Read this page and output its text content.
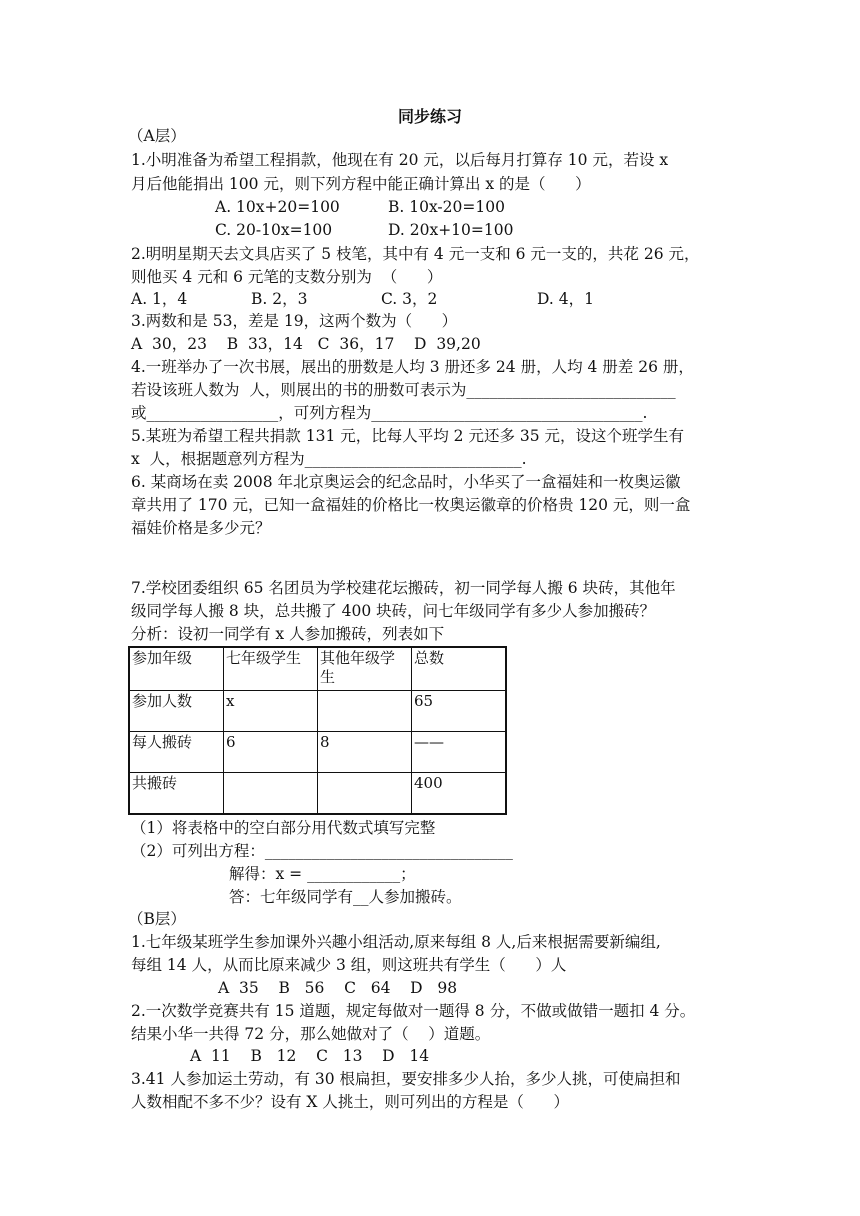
同步练习
（A层）
1.小明准备为希望工程捐款，他现在有 20 元，以后每月打算存 10 元，若设 x
月后他能捐出 100 元，则下列方程中能正确计算出 x 的是（      ）
A. 10x+20=100	B. 10x-20=100
C. 20-10x=100	D. 20x+10=100
2.明明星期天去文具店买了 5 枝笔，其中有 4 元一支和 6 元一支的，共花 26 元，
则他买 4 元和 6 元笔的支数分别为  （      ）
A. 1，4	B. 2，3	C. 3，2	D. 4，1
3.两数和是 53，差是 19，这两个数为（      ）
A  30，23    B  33，14   C  36，17    D  39,20
4.一班举办了一次书展，展出的册数是人均 3 册还多 24 册，人均 4 册差 26 册，
若设该班人数为  人，则展出的书的册数可表示为___________________________
或_________________，可列方程为___________________________________.
5.某班为希望工程共捐款 131 元，比每人平均 2 元还多 35 元，设这个班学生有
x  人，根据题意列方程为____________________________.
6. 某商场在卖 2008 年北京奥运会的纪念品时，小华买了一盒福娃和一枚奥运徽
章共用了 170 元，已知一盒福娃的价格比一枚奥运徽章的价格贵 120 元，则一盒
福娃价格是多少元？
7.学校团委组织 65 名团员为学校建花坛搬砖，初一同学每人搬 6 块砖，其他年
级同学每人搬 8 块，总共搬了 400 块砖，问七年级同学有多少人参加搬砖？
分析：设初一同学有 x 人参加搬砖，列表如下
参加年级	七年级学生	其他年级学生	总数
参加人数	x		65
每人搬砖	6	8	——
共搬砖			400
（1）将表格中的空白部分用代数式填写完整
（2）可列出方程：________________________________
解得：x = ____________；
答：七年级同学有__人参加搬砖。
（B层）
1.七年级某班学生参加课外兴趣小组活动,原来每组 8 人,后来根据需要新编组,
每组 14 人，从而比原来减少 3 组，则这班共有学生（      ）人
A  35    B   56    C   64    D   98
2.一次数学竞赛共有 15 道题，规定每做对一题得 8 分，不做或做错一题扣 4 分。
结果小华一共得 72 分，那么她做对了（    ）道题。
A  11    B   12    C   13    D   14
3.41 人参加运土劳动，有 30 根扁担，要安排多少人抬，多少人挑，可使扁担和
人数相配不多不少？设有 X 人挑土，则可列出的方程是（      ）
